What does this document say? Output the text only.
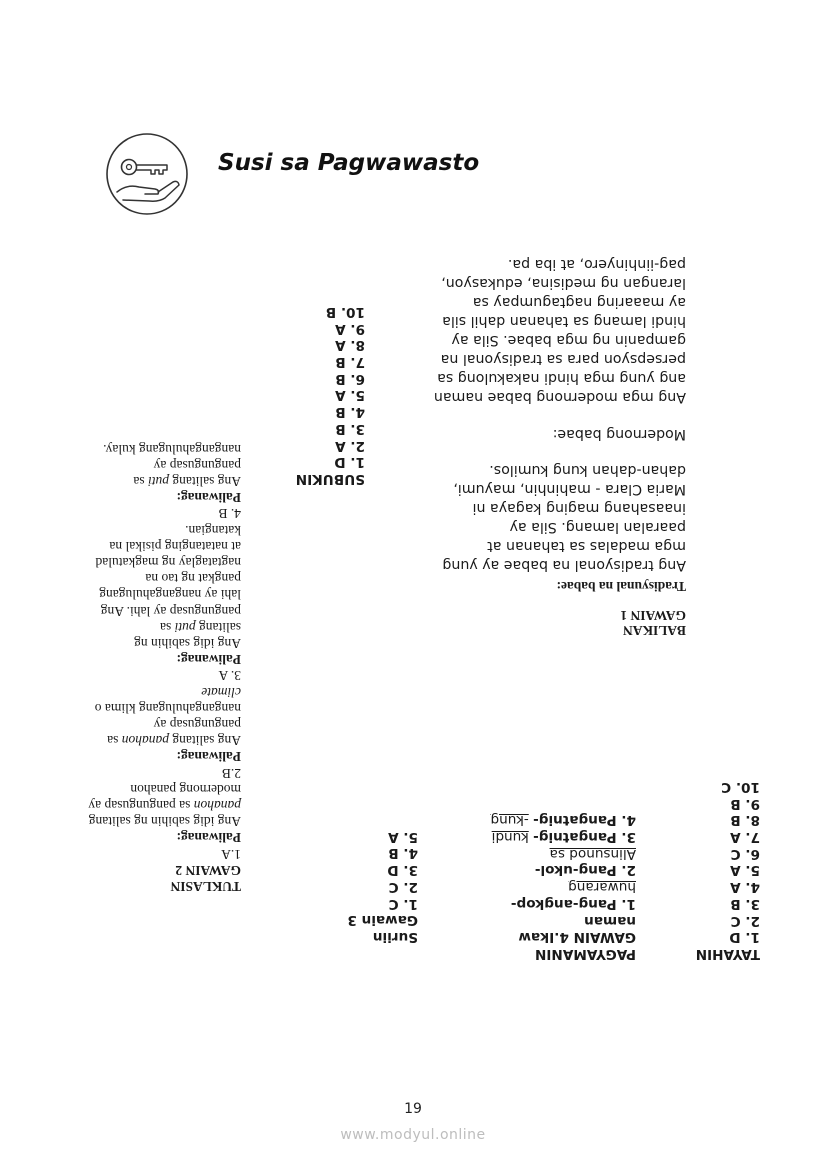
Susi sa Pagwawasto
TAYAHIN
1. D
2. C
3. B
4. A
5. A
6. C
7. A
8. B
9. B
10. C
PAGYAMANIN
GAWAIN 4.Ikaw
naman
1. Pang-angkop-
huwarang
2. Pang-ukol-
Alinsunod sa
3. Pangatnig- kundi
4. Pangatnig- -kung
Suriin
Gawain 3
1. C
2. C
3. D
4. B
5. A
TUKLASIN
GAWAIN 2
1.A
Paliwanag:
Ang idig sabihin ng salitang
panahon sa pangungusap ay
modernong panahon
2.B
Paliwanag:
Ang salitang panahon sa
pangungusap ay
nangangahulugang klima o
climate
3. A
Paliwanag:
Ang idig sabihin ng
salitang puti sa
pangungusap ay lahi. Ang
lahi ay nangangahulugang
pangkat ng tao na
nagtataglay ng magkatulad
at natatanging pisikal na
katangian.
4. B
Paliwanag:
Ang salitang puti sa
pangungusap ay
nangangahulugang kulay.
SUBUKIN
1. D
2. A
3. B
4. B
5. A
6. B
7. B
8. A
9. A
10. B
BALIKAN
GAWAIN 1
Tradisyunal na babae:
Ang tradisyonal na babae ay yung
mga madalas sa tahanan at
paaralan lamang. Sila ay
inaasahang maging kagaya ni
Maria Clara - mahinhin, mayumi,
dahan-dahan kung kumilos.
Modernong babae:
Ang mga modernong babae naman
ang yung mga hindi nakakulong sa
persepsyon para sa tradisyonal na
gampanin ng mga babae. Sila ay
hindi lamang sa tahanan dahil sila
ay maaaring nagtagumpay sa
larangan ng medisina, edukasyon,
pag-iinhinyero, at iba pa.
19
www.modyul.online
